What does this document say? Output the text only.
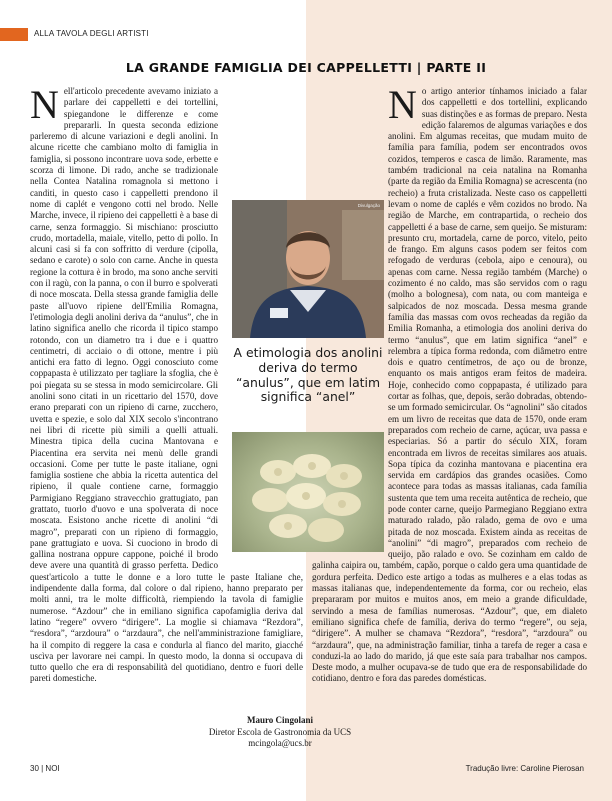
ALLA TAVOLA DEGLI ARTISTI
LA GRANDE FAMIGLIA DEI CAPPELLETTI | PARTE II
N ell'articolo precedente avevamo iniziato a parlare dei cappelletti e dei tortellini, spiegandone le differenze e come prepararli. In questa seconda edizione parleremo di alcune variazioni e degli anolini. In alcune ricette che cambiano molto di famiglia in famiglia, si possono incontrare uova sode, erbette e scorza di limone. Di rado, anche se tradizionale nella Contea Natalina romagnola si mettono i canditi, in questo caso i cappelletti prendono il nome di caplét e vengono cotti nel brodo. Nelle Marche, invece, il ripieno dei cappelletti è a base di carne, senza formaggio. Si mischiano: prosciutto crudo, mortadella, maiale, vitello, petto di pollo. In alcuni casi si fa con soffritto di verdure (cipolla, sedano e carote) o solo con carne. Anche in questa regione la cottura è in brodo, ma sono anche serviti con il ragù, con la panna, o con il burro e spolverati di noce moscata. Della stessa grande famiglia delle paste all'uovo ripiene dell'Emilia Romagna, l'etimologia degli anolini deriva da “anulus”, che in latino significa anello che ricorda il tipico stampo rotondo, con un diametro tra i due e i quattro centimetri, di acciaio o di ottone, mentre i più antichi era fatto di legno. Oggi conosciuto come coppapasta è utilizzato per tagliare la sfoglia, che è poi piegata su se stessa in modo semicircolare. Gli anolini sono citati in un ricettario del 1570, dove erano preparati con un ripieno di carne, zucchero, uvetta e spezie, e solo dal XIX secolo s'incontrano nei libri di ricette più simili a quelli attuali. Minestra tipica della cucina Mantovana e Piacentina era servita nei menù delle grandi occasioni. Come per tutte le paste italiane, ogni famiglia sostiene che abbia la ricetta autentica del ripieno, il quale contiene carne, formaggio Parmigiano Reggiano stravecchio grattugiato, pan grattato, tuorlo d'uovo e una spolverata di noce moscata. Esistono anche ricette di anolini “di magro”, preparati con un ripieno di formaggio, pane grattugiato e uova. Si cuociono in brodo di gallina nostrana oppure cappone, poiché il brodo deve avere una quantità di grasso perfetta. Dedico quest'articolo a tutte le donne e a loro tutte le paste Italiane che, indipendente dalla forma, dal colore o dal ripieno, hanno preparato per molti anni, tra le molte difficoltà, riempiendo la tavola di famiglie numerose. “Azdour” che in emiliano significa capofamiglia deriva dal latino “regere” ovvero “dirigere”. La moglie si chiamava “Rezdora”, “resdora”, “arzdoura” o “arzdaura”, che nell'amministrazione famigliare, ha il compito di reggere la casa e condurla al fianco del marito, giacché uscìva per lavorare nei campi. In questo modo, la donna si occupava di tutto quello che era di responsabilità del quotidiano, dentro e fuori delle pareti domestiche.

N o artigo anterior tínhamos iniciado a falar dos cappelletti e dos tortellini, explicando suas distinções e as formas de preparo. Nesta edição falaremos de algumas variações e dos anolini. Em algumas receitas, que mudam muito de família para família, podem ser encontrados ovos cozidos, temperos e casca de limão. Raramente, mas também tradicional na ceia natalina na Romanha (parte da região da Emilia Romagna) se acrescenta (no recheio) a fruta cristalizada. Neste caso os cappelletti levam o nome de caplés e vêm cozidos no brodo. Na região de Marche, em contrapartida, o recheio dos cappelletti é a base de carne, sem queijo. Se misturam: presunto cru, mortadela, carne de porco, vitelo, peito de frango. Em alguns casos podem ser feitos com refogado de verduras (cebola, aipo e cenoura), ou apenas com carne. Nessa região também (Marche) o cozimento é no caldo, mas são servidos com o ragu (molho a bolognesa), com nata, ou com manteiga e salpicados de noz moscada. Dessa mesma grande família das massas com ovos recheadas da região da Emilia Romanha, a etimologia dos anolini deriva do termo “anulus”, que em latim significa “anel” e relembra a típica forma redonda, com diâmetro entre dois e quatro centímetros, de aço ou de bronze, enquanto os mais antigos eram feitos de madeira. Hoje, conhecido como coppapasta, é utilizado para cortar as folhas, que, depois, serão dobradas, obtendo-se um formado semicircular. Os “agnolini” são citados em um livro de receitas que data de 1570, onde eram preparados com recheio de carne, açúcar, uva passa e especiarias. Só a partir do século XIX, foram encontrada em livros de receitas similares aos atuais. Sopa típica da cozinha mantovana e piacentina era servida em cardápios das grandes ocasiões. Como acontece para todas as massas italianas, cada família sustenta que tem uma receita autêntica de recheio, que pode conter carne, queijo Parmegiano Reggiano extra maturado ralado, pão ralado, gema de ovo e uma pitada de noz moscada. Existem ainda as receitas de “anolini” “di magro”, preparados com recheio de queijo, pão ralado e ovo. Se cozinham em caldo de galinha caipira ou, também, capão, porque o caldo gera uma quantidade de gordura perfeita. Dedico este artigo a todas as mulheres e a elas todas as massas italianas que, independentemente da forma, cor ou recheio, elas prepararam por muitos e muitos anos, em meio a grande dificuldade, servindo a mesa de famílias numerosas. “Azdour”, que, em dialeto emiliano significa chefe de família, deriva do termo “regere”, ou seja, “dirigere”. A mulher se chamava “Rezdora”, “resdora”, “arzdoura” ou “arzdaura”, que, na administração familiar, tinha a tarefa de reger a casa e conduzi-la ao lado do marido, já que este saía para trabalhar nos campos. Deste modo, a mulher ocupava-se de tudo que era de responsabilidade do cotidiano, dentro e fora das paredes domésticas.

Divulgação
A etimologia dos anolini deriva do termo “anulus”, que em latim significa “anel”
Mauro Cingolani
Diretor Escola de Gastronomia da UCS
mcingola@ucs.br
30 | NOI	Tradução livre: Caroline Pierosan
